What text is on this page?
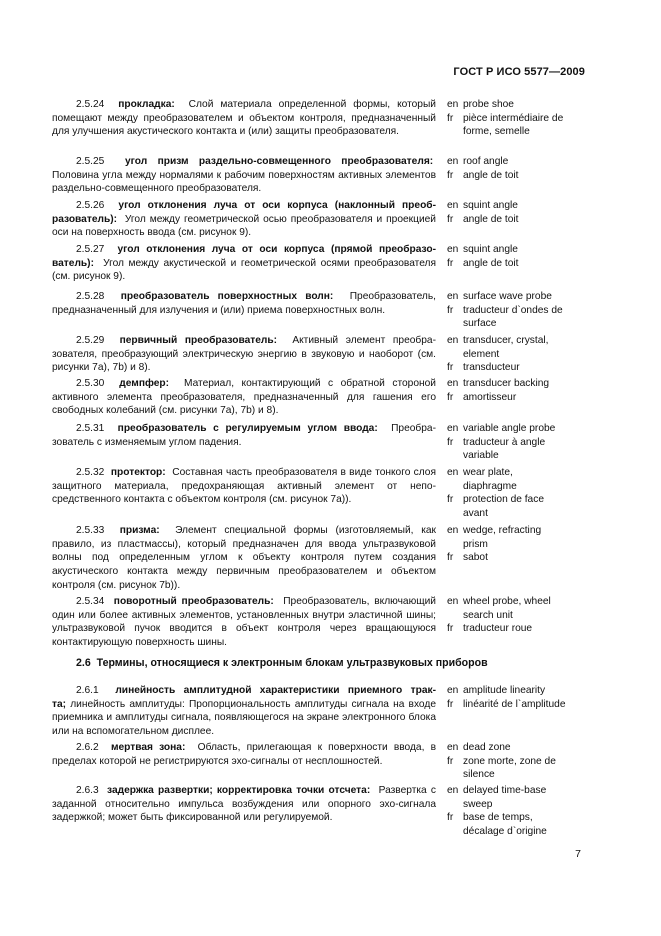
ГОСТ Р ИСО 5577—2009
2.5.24 прокладка: Слой материала определенной формы, который помещают между преобразователем и объектом контроля, предназначенный для улучшения акустического контакта и (или) защиты преобразователя.
en probe shoe
fr pièce intermédiaire de
forme, semelle
2.5.25 угол призм раздельно-совмещенного преобразователя:  Половина угла между нормалями к рабочим поверхностям активных элементов раздельно-совмещенного преобразователя.
en roof angle
fr angle de toit
2.5.26 угол отклонения луча от оси корпуса (наклонный преобразователь): Угол между геометрической осью преобразователя и проекцией оси на поверхность ввода (см. рисунок 9).
en squint angle
fr angle de toit
2.5.27 угол отклонения луча от оси корпуса (прямой преобразователь): Угол между акустической и геометрической осями преобразователя (см. рисунок 9).
en squint angle
fr angle de toit
2.5.28 преобразователь поверхностных волн: Преобразователь, предназначенный для излучения и (или) приема поверхностных волн.
en surface wave probe
fr traducteur d`ondes de
surface
2.5.29 первичный преобразователь: Активный элемент преобразователя, преобразующий электрическую энергию в звуковую и наоборот (см. рисунки 7а), 7b) и 8).
en transducer, crystal,
element
fr transducteur
2.5.30 демпфер: Материал, контактирующий с обратной стороной активного элемента преобразователя, предназначенный для гашения его свободных колебаний (см. рисунки 7а), 7b) и 8).
en transducer backing
fr amortisseur
2.5.31 преобразователь с регулируемым углом ввода: Преобразователь с изменяемым углом падения.
en variable angle probe
fr traducteur à angle
variable
2.5.32 протектор: Составная часть преобразователя в виде тонкого слоя защитного материала, предохраняющая активный элемент от непосредственного контакта с объектом контроля (см. рисунок 7а)).
en wear plate,
diaphragme
fr protection de face
avant
2.5.33 призма: Элемент специальной формы (изготовляемый, как правило, из пластмассы), который предназначен для ввода ультразвуковой волны под определенным углом к объекту контроля путем создания акустического контакта между первичным преобразователем и объектом контроля (см. рисунок 7b)).
en wedge, refracting
prism
fr sabot
2.5.34 поворотный преобразователь: Преобразователь, включающий один или более активных элементов, установленных внутри эластичной шины; ультразвуковой пучок вводится в объект контроля через вращающуюся контактирующую поверхность шины.
en wheel probe, wheel
search unit
fr traducteur roue
2.6 Термины, относящиеся к электронным блокам ультразвуковых приборов
2.6.1 линейность амплитудной характеристики приемного тракта; линейность амплитуды: Пропорциональность амплитуды сигнала на входе приемника и амплитуды сигнала, появляющегося на экране электронного блока или на вспомогательном дисплее.
en amplitude linearity
fr linéarité de l`amplitude
2.6.2 мертвая зона: Область, прилегающая к поверхности ввода, в пределах которой не регистрируются эхо-сигналы от несплошностей.
en dead zone
fr zone morte, zone de
silence
2.6.3 задержка развертки; корректировка точки отсчета: Развертка с заданной относительно импульса возбуждения или опорного эхо-сигнала задержкой; может быть фиксированной или регулируемой.
en delayed time-base
sweep
fr base de temps,
décalage d`origine
7
